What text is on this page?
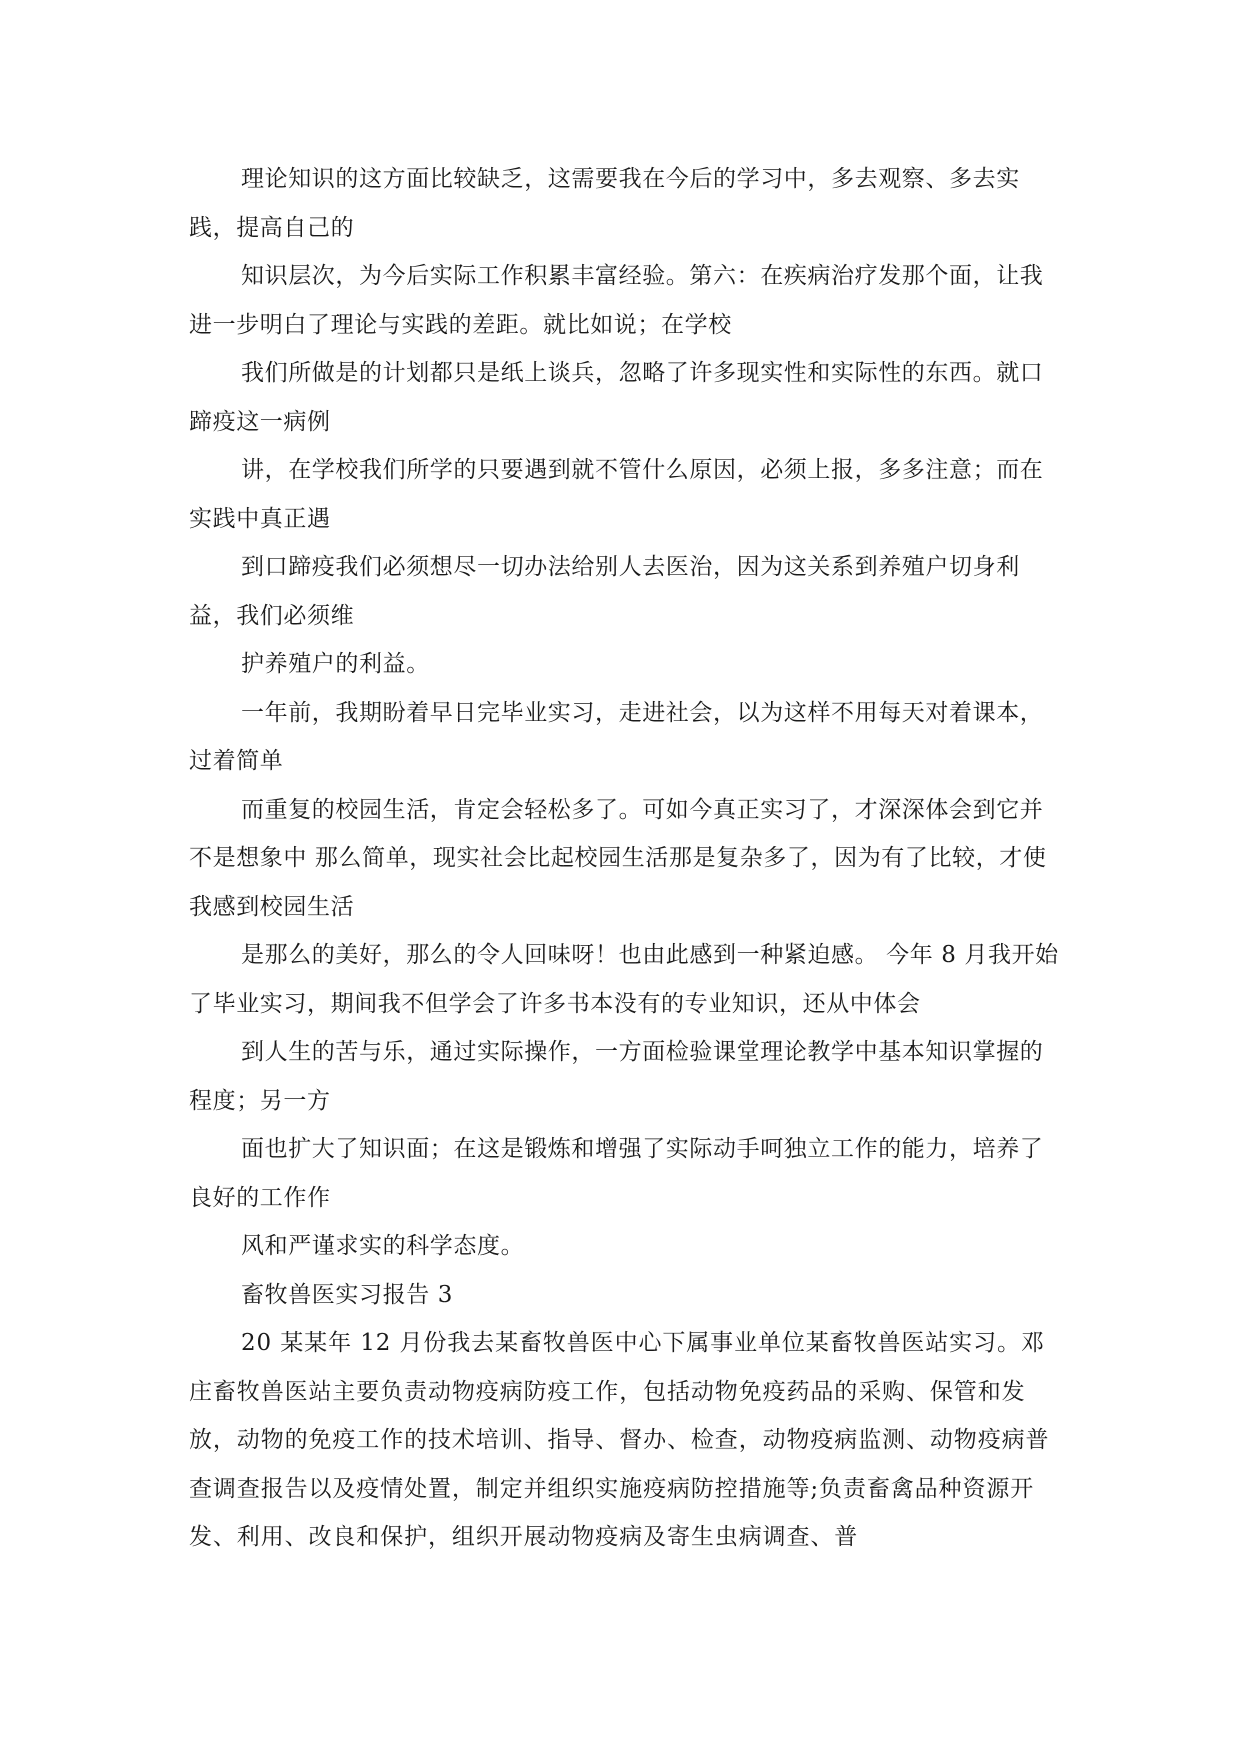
理论知识的这方面比较缺乏，这需要我在今后的学习中，多去观察、多去实践，提高自己的

知识层次，为今后实际工作积累丰富经验。第六：在疾病治疗发那个面，让我进一步明白了理论与实践的差距。就比如说；在学校

我们所做是的计划都只是纸上谈兵，忽略了许多现实性和实际性的东西。就口蹄疫这一病例

讲，在学校我们所学的只要遇到就不管什么原因，必须上报，多多注意；而在实践中真正遇

到口蹄疫我们必须想尽一切办法给别人去医治，因为这关系到养殖户切身利益，我们必须维

护养殖户的利益。

一年前，我期盼着早日完毕业实习，走进社会，以为这样不用每天对着课本，过着简单

而重复的校园生活，肯定会轻松多了。可如今真正实习了，才深深体会到它并不是想象中 那么简单，现实社会比起校园生活那是复杂多了，因为有了比较，才使我感到校园生活

是那么的美好，那么的令人回味呀！也由此感到一种紧迫感。 今年 8 月我开始了毕业实习，期间我不但学会了许多书本没有的专业知识，还从中体会

到人生的苦与乐，通过实际操作，一方面检验课堂理论教学中基本知识掌握的程度；另一方

面也扩大了知识面；在这是锻炼和增强了实际动手呵独立工作的能力，培养了良好的工作作

风和严谨求实的科学态度。

畜牧兽医实习报告 3

20 某某年 12 月份我去某畜牧兽医中心下属事业单位某畜牧兽医站实习。邓庄畜牧兽医站主要负责动物疫病防疫工作，包括动物免疫药品的采购、保管和发放，动物的免疫工作的技术培训、指导、督办、检查，动物疫病监测、动物疫病普查调查报告以及疫情处置，制定并组织实施疫病防控措施等;负责畜禽品种资源开发、利用、改良和保护，组织开展动物疫病及寄生虫病调查、普
